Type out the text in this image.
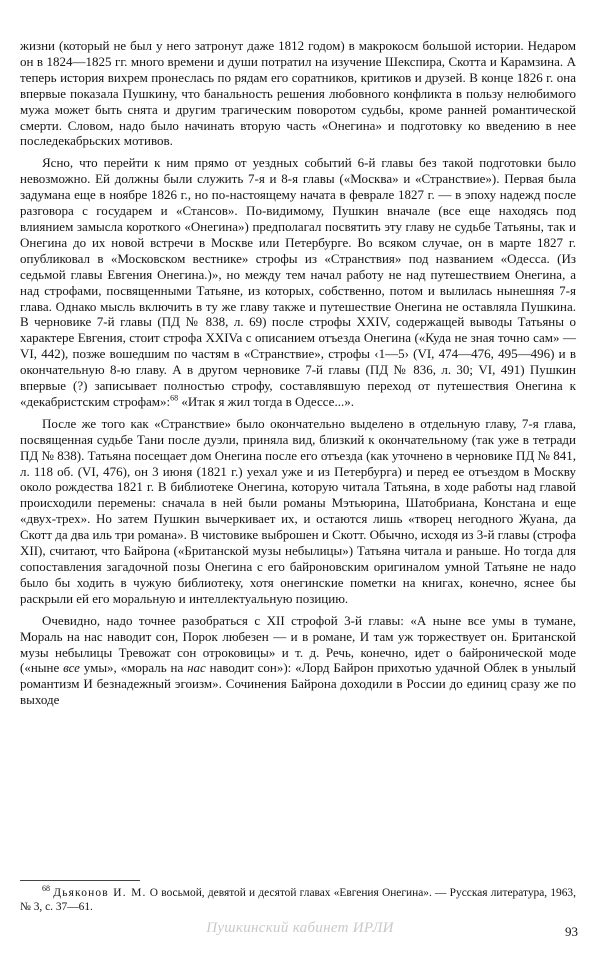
жизни (который не был у него затронут даже 1812 годом) в макрокосм большой истории. Недаром он в 1824—1825 гг. много времени и души потратил на изучение Шекспира, Скотта и Карамзина. А теперь история вихрем пронеслась по рядам его соратников, критиков и друзей. В конце 1826 г. она впервые показала Пушкину, что банальность решения любовного конфликта в пользу нелюбимого мужа может быть снята и другим трагическим поворотом судьбы, кроме ранней романтической смерти. Словом, надо было начинать вторую часть «Онегина» и подготовку ко введению в нее последекабрьских мотивов.

Ясно, что перейти к ним прямо от уездных событий 6-й главы без такой подготовки было невозможно. Ей должны были служить 7-я и 8-я главы («Москва» и «Странствие»). Первая была задумана еще в ноябре 1826 г., но по-настоящему начата в феврале 1827 г. — в эпоху надежд после разговора с государем и «Стансов». По-видимому, Пушкин вначале (все еще находясь под влиянием замысла короткого «Онегина») предполагал посвятить эту главу не судьбе Татьяны, так и Онегина до их новой встречи в Москве или Петербурге. Во всяком случае, он в марте 1827 г. опубликовал в «Московском вестнике» строфы из «Странствия» под названием «Одесса. (Из седьмой главы Евгения Онегина.)», но между тем начал работу не над путешествием Онегина, а над строфами, посвященными Татьяне, из которых, собственно, потом и вылилась нынешняя 7-я глава. Однако мысль включить в ту же главу также и путешествие Онегина не оставляла Пушкина. В черновике 7-й главы (ПД № 838, л. 69) после строфы XXIV, содержащей выводы Татьяны о характере Евгения, стоит строфа XXIVa с описанием отъезда Онегина («Куда не зная точно сам» — VI, 442), позже вошедшим по частям в «Странствие», строфы ‹1—5› (VI, 474—476, 495—496) и в окончательную 8-ю главу. А в другом черновике 7-й главы (ПД № 836, л. 30; VI, 491) Пушкин впервые (?) записывает полностью строфу, составлявшую переход от путешествия Онегина к «декабристским строфам»:$^{68}$ «Итак я жил тогда в Одессе...».

После же того как «Странствие» было окончательно выделено в отдельную главу, 7-я глава, посвященная судьбе Тани после дуэли, приняла вид, близкий к окончательному (так уже в тетради ПД № 838). Татьяна посещает дом Онегина после его отъезда (как уточнено в черновике ПД № 841, л. 118 об. (VI, 476), он 3 июня (1821 г.) уехал уже и из Петербурга) и перед ее отъездом в Москву около рождества 1821 г. В библиотеке Онегина, которую читала Татьяна, в ходе работы над главой происходили перемены: сначала в ней были романы Мэтьюрина, Шатобриана, Констана и еще «двух-трех». Но затем Пушкин вычеркивает их, и остаются лишь «творец негодного Жуана, да Скотт да два иль три романа». В чистовике выброшен и Скотт. Обычно, исходя из 3-й главы (строфа XII), считают, что Байрона («Британской музы небылицы») Татьяна читала и раньше. Но тогда для сопоставления загадочной позы Онегина с его байроновским оригиналом умной Татьяне не надо было бы ходить в чужую библиотеку, хотя онегинские пометки на книгах, конечно, яснее бы раскрыли ей его моральную и интеллектуальную позицию.

Очевидно, надо точнее разобраться с XII строфой 3-й главы: «А ныне все умы в тумане, Мораль на нас наводит сон, Порок любезен — и в романе, И там уж торжествует он. Британской музы небылицы Тревожат сон отроковицы» и т. д. Речь, конечно, идет о байронической моде («ныне все умы», «мораль на нас наводит сон»): «Лорд Байрон прихотью удачной Облек в унылый романтизм И безнадежный эгоизм». Сочинения Байрона доходили в России до единиц сразу же по выходе

$^{68}$ Дьяконов И. М. О восьмой, девятой и десятой главах «Евгения Онегина». — Русская литература, 1963, № 3, с. 37—61.
Пушкинский кабинет ИРЛИ	93
